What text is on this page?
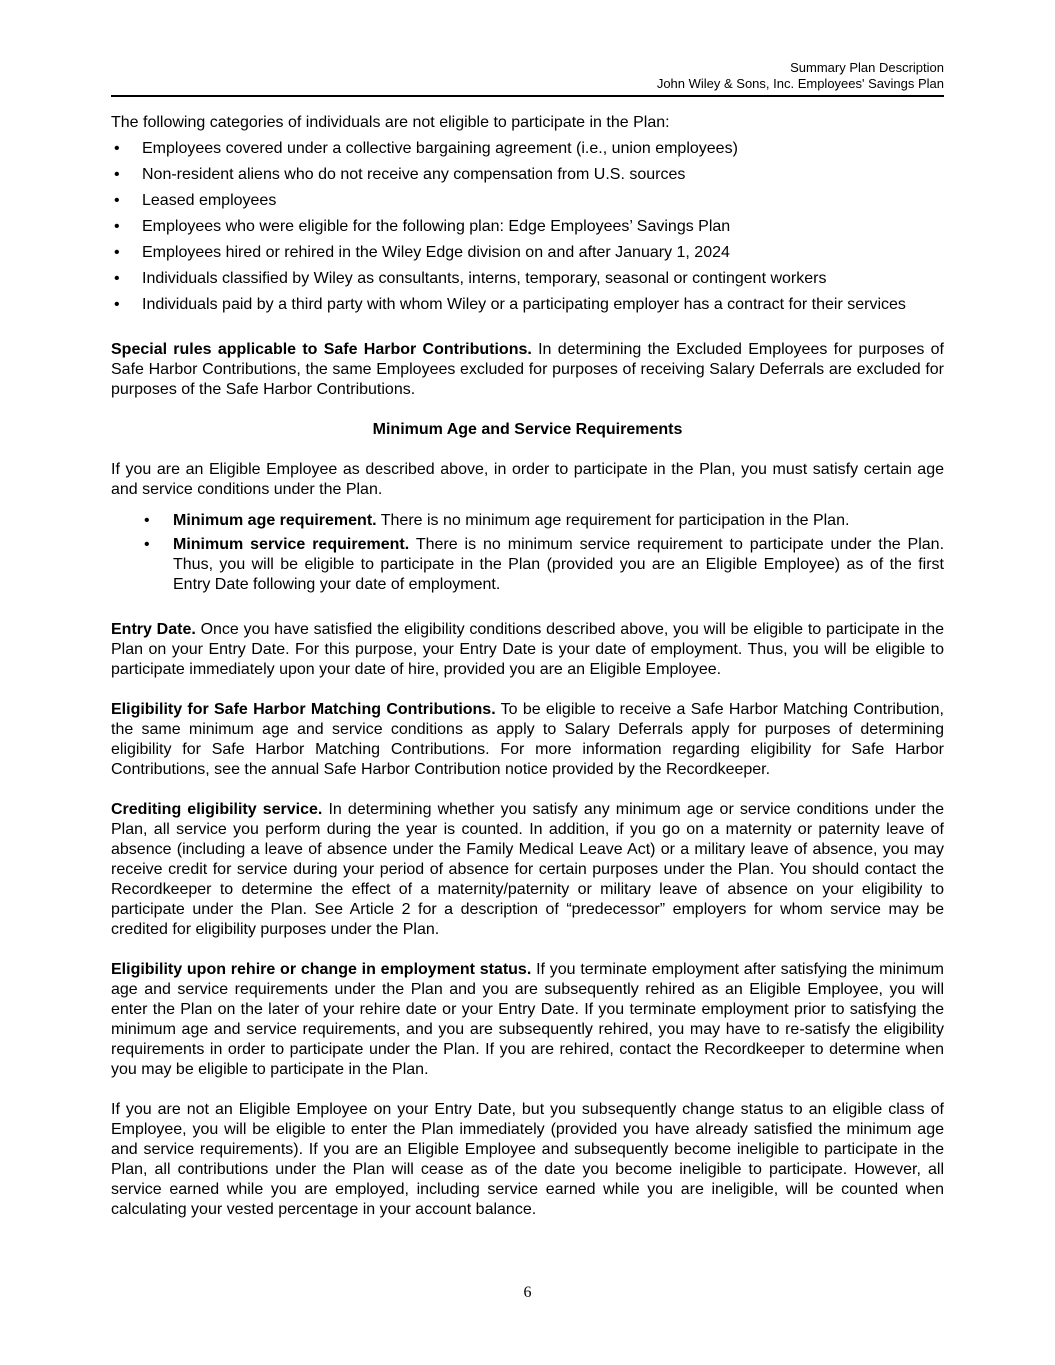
Summary Plan Description
John Wiley & Sons, Inc. Employees' Savings Plan

The following categories of individuals are not eligible to participate in the Plan:

• Employees covered under a collective bargaining agreement (i.e., union employees)
• Non-resident aliens who do not receive any compensation from U.S. sources
• Leased employees
• Employees who were eligible for the following plan: Edge Employees’ Savings Plan
• Employees hired or rehired in the Wiley Edge division on and after January 1, 2024
• Individuals classified by Wiley as consultants, interns, temporary, seasonal or contingent workers
• Individuals paid by a third party with whom Wiley or a participating employer has a contract for their services

Special rules applicable to Safe Harbor Contributions. In determining the Excluded Employees for purposes of Safe Harbor Contributions, the same Employees excluded for purposes of receiving Salary Deferrals are excluded for purposes of the Safe Harbor Contributions.

Minimum Age and Service Requirements

If you are an Eligible Employee as described above, in order to participate in the Plan, you must satisfy certain age and service conditions under the Plan.

• Minimum age requirement. There is no minimum age requirement for participation in the Plan.
• Minimum service requirement. There is no minimum service requirement to participate under the Plan. Thus, you will be eligible to participate in the Plan (provided you are an Eligible Employee) as of the first Entry Date following your date of employment.

Entry Date. Once you have satisfied the eligibility conditions described above, you will be eligible to participate in the Plan on your Entry Date. For this purpose, your Entry Date is your date of employment. Thus, you will be eligible to participate immediately upon your date of hire, provided you are an Eligible Employee.

Eligibility for Safe Harbor Matching Contributions. To be eligible to receive a Safe Harbor Matching Contribution, the same minimum age and service conditions as apply to Salary Deferrals apply for purposes of determining eligibility for Safe Harbor Matching Contributions. For more information regarding eligibility for Safe Harbor Contributions, see the annual Safe Harbor Contribution notice provided by the Recordkeeper.

Crediting eligibility service. In determining whether you satisfy any minimum age or service conditions under the Plan, all service you perform during the year is counted. In addition, if you go on a maternity or paternity leave of absence (including a leave of absence under the Family Medical Leave Act) or a military leave of absence, you may receive credit for service during your period of absence for certain purposes under the Plan. You should contact the Recordkeeper to determine the effect of a maternity/paternity or military leave of absence on your eligibility to participate under the Plan. See Article 2 for a description of “predecessor” employers for whom service may be credited for eligibility purposes under the Plan.

Eligibility upon rehire or change in employment status. If you terminate employment after satisfying the minimum age and service requirements under the Plan and you are subsequently rehired as an Eligible Employee, you will enter the Plan on the later of your rehire date or your Entry Date. If you terminate employment prior to satisfying the minimum age and service requirements, and you are subsequently rehired, you may have to re-satisfy the eligibility requirements in order to participate under the Plan. If you are rehired, contact the Recordkeeper to determine when you may be eligible to participate in the Plan.

If you are not an Eligible Employee on your Entry Date, but you subsequently change status to an eligible class of Employee, you will be eligible to enter the Plan immediately (provided you have already satisfied the minimum age and service requirements). If you are an Eligible Employee and subsequently become ineligible to participate in the Plan, all contributions under the Plan will cease as of the date you become ineligible to participate. However, all service earned while you are employed, including service earned while you are ineligible, will be counted when calculating your vested percentage in your account balance.

6
